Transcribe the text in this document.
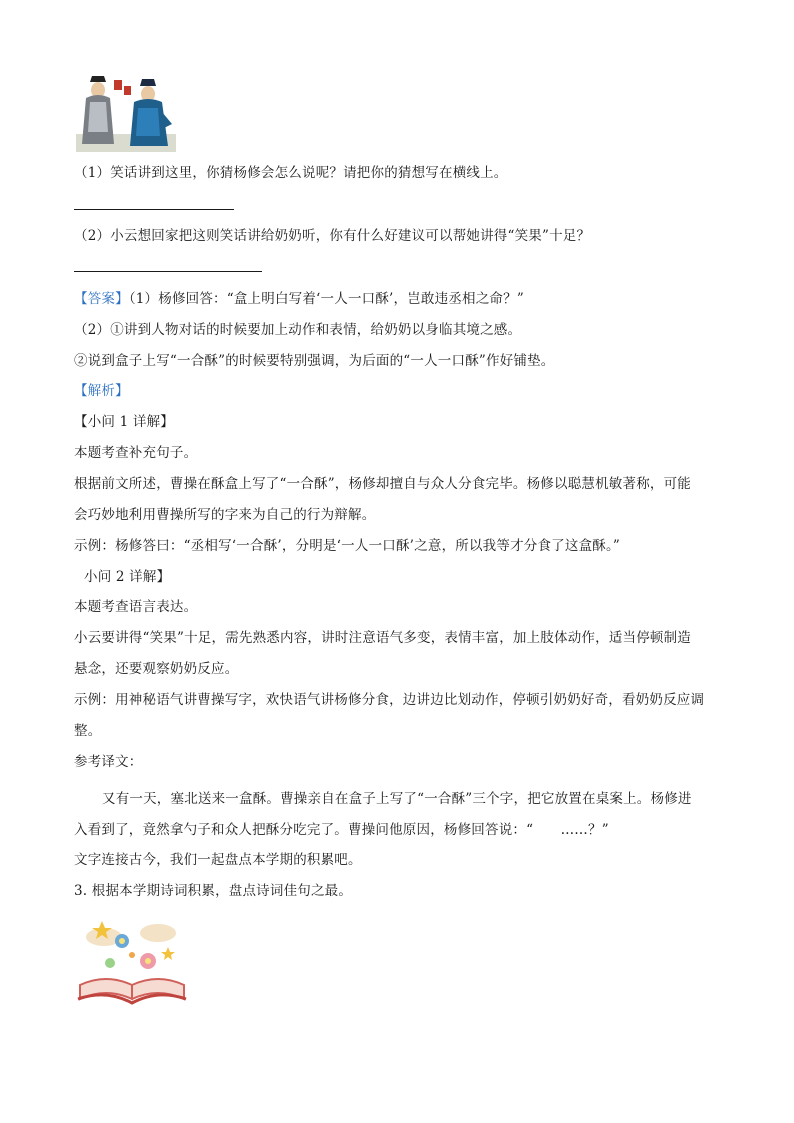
（1）笑话讲到这里，你猜杨修会怎么说呢？请把你的猜想写在横线上。
（2）小云想回家把这则笑话讲给奶奶听，你有什么好建议可以帮她讲得“笑果”十足？
【答案】（1）杨修回答：“盒上明白写着‘一人一口酥’，岂敢违丞相之命？”
（2）①讲到人物对话的时候要加上动作和表情，给奶奶以身临其境之感。
②说到盒子上写“一合酥”的时候要特别强调，为后面的“一人一口酥”作好铺垫。
【解析】
【小问 1 详解】
本题考查补充句子。
根据前文所述，曹操在酥盒上写了“一合酥”，杨修却擅自与众人分食完毕。杨修以聪慧机敏著称，可能
会巧妙地利用曹操所写的字来为自己的行为辩解。
示例：杨修答曰：“丞相写‘一合酥’，分明是‘一人一口酥’之意，所以我等才分食了这盒酥。”
小问 2 详解】
本题考查语言表达。
小云要讲得“笑果”十足，需先熟悉内容，讲时注意语气多变，表情丰富，加上肢体动作，适当停顿制造
悬念，还要观察奶奶反应。
示例：用神秘语气讲曹操写字，欢快语气讲杨修分食，边讲边比划动作，停顿引奶奶好奇，看奶奶反应调
整。
参考译文：
又有一天，塞北送来一盒酥。曹操亲自在盒子上写了“一合酥”三个字，把它放置在桌案上。杨修进
入看到了，竟然拿勺子和众人把酥分吃完了。曹操问他原因，杨修回答说：“　　……？”
文字连接古今，我们一起盘点本学期的积累吧。
3. 根据本学期诗词积累，盘点诗词佳句之最。
